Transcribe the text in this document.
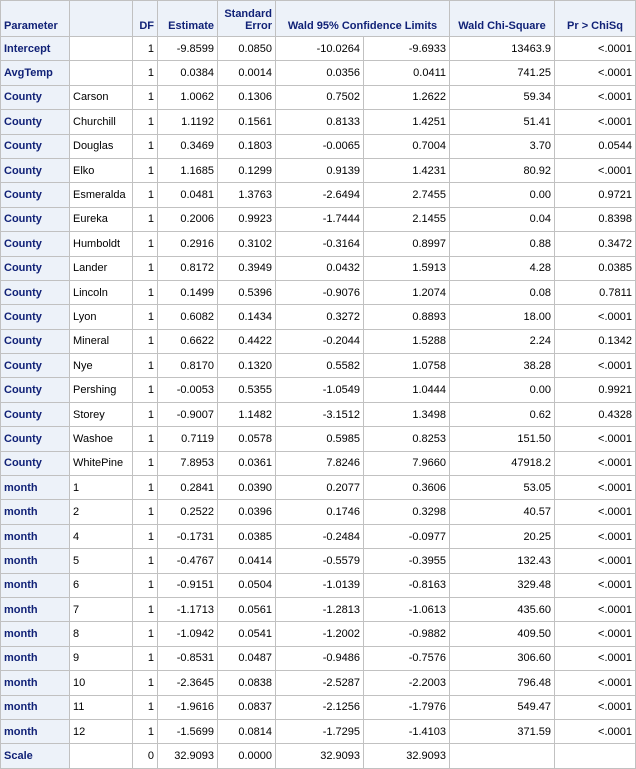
Parameter		DF	Estimate	Standard
Error	Wald 95% Confidence Limits		Wald Chi-Square	Pr > ChiSq
Intercept		1	-9.8599	0.0850	-10.0264	-9.6933	13463.9	<.0001
AvgTemp		1	0.0384	0.0014	0.0356	0.0411	741.25	<.0001
County	Carson	1	1.0062	0.1306	0.7502	1.2622	59.34	<.0001
County	Churchill	1	1.1192	0.1561	0.8133	1.4251	51.41	<.0001
County	Douglas	1	0.3469	0.1803	-0.0065	0.7004	3.70	0.0544
County	Elko	1	1.1685	0.1299	0.9139	1.4231	80.92	<.0001
County	Esmeralda	1	0.0481	1.3763	-2.6494	2.7455	0.00	0.9721
County	Eureka	1	0.2006	0.9923	-1.7444	2.1455	0.04	0.8398
County	Humboldt	1	0.2916	0.3102	-0.3164	0.8997	0.88	0.3472
County	Lander	1	0.8172	0.3949	0.0432	1.5913	4.28	0.0385
County	Lincoln	1	0.1499	0.5396	-0.9076	1.2074	0.08	0.7811
County	Lyon	1	0.6082	0.1434	0.3272	0.8893	18.00	<.0001
County	Mineral	1	0.6622	0.4422	-0.2044	1.5288	2.24	0.1342
County	Nye	1	0.8170	0.1320	0.5582	1.0758	38.28	<.0001
County	Pershing	1	-0.0053	0.5355	-1.0549	1.0444	0.00	0.9921
County	Storey	1	-0.9007	1.1482	-3.1512	1.3498	0.62	0.4328
County	Washoe	1	0.7119	0.0578	0.5985	0.8253	151.50	<.0001
County	WhitePine	1	7.8953	0.0361	7.8246	7.9660	47918.2	<.0001
month	1	1	0.2841	0.0390	0.2077	0.3606	53.05	<.0001
month	2	1	0.2522	0.0396	0.1746	0.3298	40.57	<.0001
month	4	1	-0.1731	0.0385	-0.2484	-0.0977	20.25	<.0001
month	5	1	-0.4767	0.0414	-0.5579	-0.3955	132.43	<.0001
month	6	1	-0.9151	0.0504	-1.0139	-0.8163	329.48	<.0001
month	7	1	-1.1713	0.0561	-1.2813	-1.0613	435.60	<.0001
month	8	1	-1.0942	0.0541	-1.2002	-0.9882	409.50	<.0001
month	9	1	-0.8531	0.0487	-0.9486	-0.7576	306.60	<.0001
month	10	1	-2.3645	0.0838	-2.5287	-2.2003	796.48	<.0001
month	11	1	-1.9616	0.0837	-2.1256	-1.7976	549.47	<.0001
month	12	1	-1.5699	0.0814	-1.7295	-1.4103	371.59	<.0001
Scale		0	32.9093	0.0000	32.9093	32.9093		
